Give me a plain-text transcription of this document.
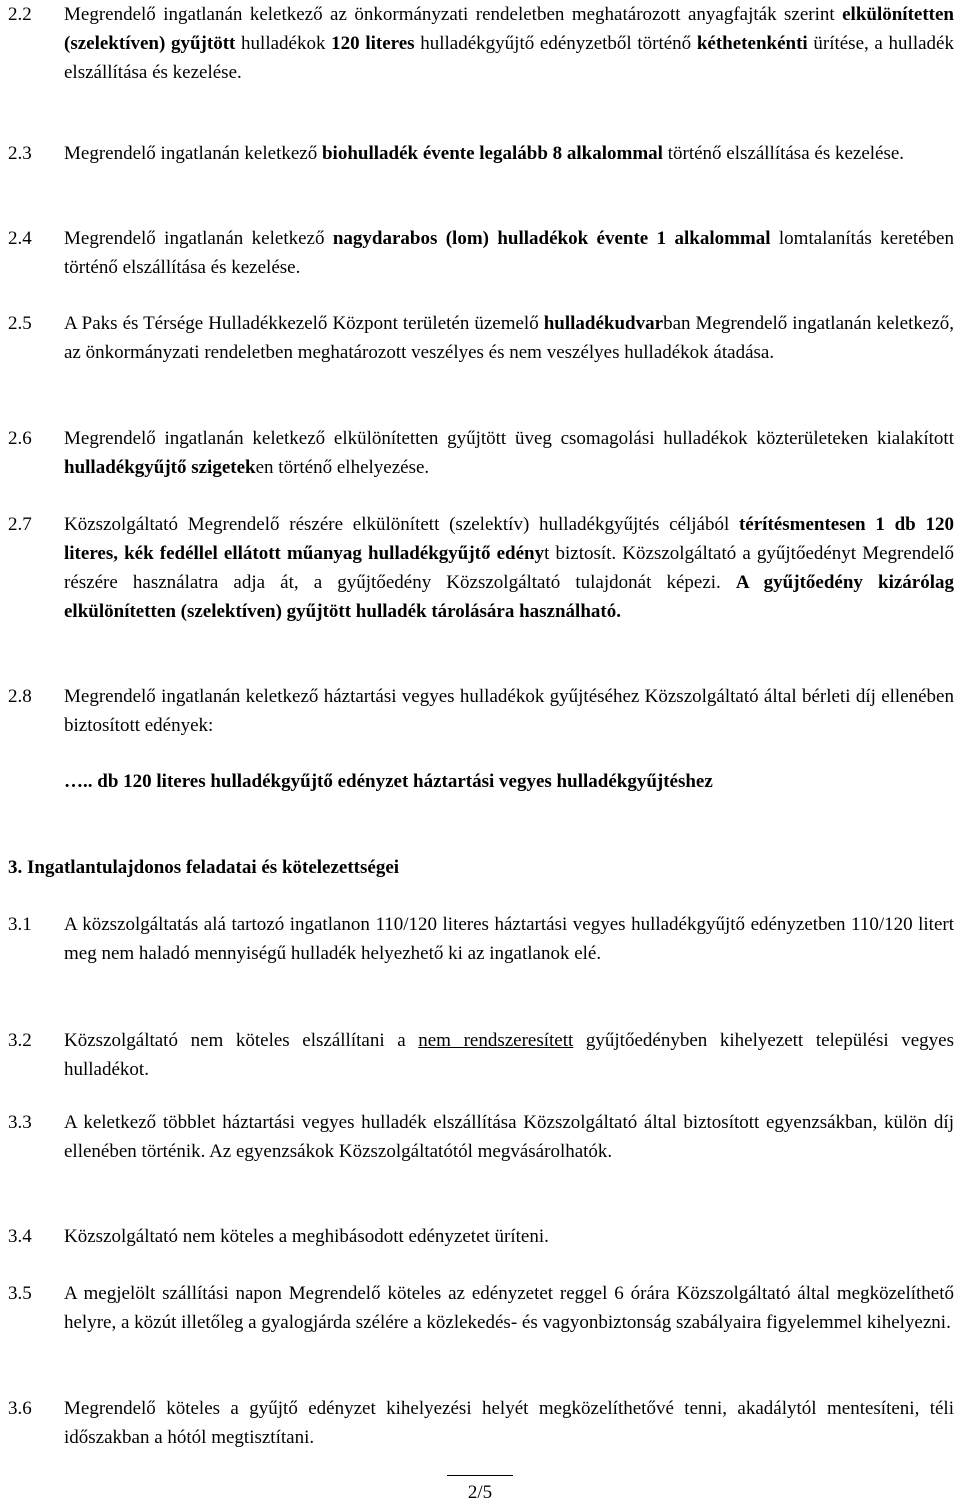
2.2	Megrendelő ingatlanán keletkező az önkormányzati rendeletben meghatározott anyagfajták szerint elkülönítetten (szelektíven) gyűjtött hulladékok 120 literes hulladékgyűjtő edényzetből történő kéthetenkénti ürítése, a hulladék elszállítása és kezelése.
2.3	Megrendelő ingatlanán keletkező biohulladék évente legalább 8 alkalommal történő elszállítása és kezelése.
2.4	Megrendelő ingatlanán keletkező nagydarabos (lom) hulladékok évente 1 alkalommal lomtalanítás keretében történő elszállítása és kezelése.
2.5	A Paks és Térsége Hulladékkezelő Központ területén üzemelő hulladékudvarban Megrendelő ingatlanán keletkező, az önkormányzati rendeletben meghatározott veszélyes és nem veszélyes hulladékok átadása.
2.6	Megrendelő ingatlanán keletkező elkülönítetten gyűjtött üveg csomagolási hulladékok közterületeken kialakított hulladékgyűjtő szigeteken történő elhelyezése.
2.7	Közszolgáltató Megrendelő részére elkülönített (szelektív) hulladékgyűjtés céljából térítésmentesen 1 db 120 literes, kék fedéllel ellátott műanyag hulladékgyűjtő edényt biztosít. Közszolgáltató a gyűjtőedényt Megrendelő részére használatra adja át, a gyűjtőedény Közszolgáltató tulajdonát képezi. A gyűjtőedény kizárólag elkülönítetten (szelektíven) gyűjtött hulladék tárolására használható.
2.8	Megrendelő ingatlanán keletkező háztartási vegyes hulladékok gyűjtéséhez Közszolgáltató által bérleti díj ellenében biztosított edények:
….. db 120 literes hulladékgyűjtő edényzet háztartási vegyes hulladékgyűjtéshez
3. Ingatlantulajdonos feladatai és kötelezettségei
3.1	A közszolgáltatás alá tartozó ingatlanon 110/120 literes háztartási vegyes hulladékgyűjtő edényzetben 110/120 litert meg nem haladó mennyiségű hulladék helyezhető ki az ingatlanok elé.
3.2	Közszolgáltató nem köteles elszállítani a nem rendszeresített gyűjtőedényben kihelyezett települési vegyes hulladékot.
3.3	A keletkező többlet háztartási vegyes hulladék elszállítása Közszolgáltató által biztosított egyenzsákban, külön díj ellenében történik. Az egyenzsákok Közszolgáltatótól megvásárolhatók.
3.4	Közszolgáltató nem köteles a meghibásodott edényzetet üríteni.
3.5	A megjelölt szállítási napon Megrendelő köteles az edényzetet reggel 6 órára Közszolgáltató által megközelíthető helyre, a közút illetőleg a gyalogjárda szélére a közlekedés- és vagyonbiztonság szabályaira figyelemmel kihelyezni.
3.6	Megrendelő köteles a gyűjtő edényzet kihelyezési helyét megközelíthetővé tenni, akadálytól mentesíteni, téli időszakban a hótól megtisztítani.
2/5
